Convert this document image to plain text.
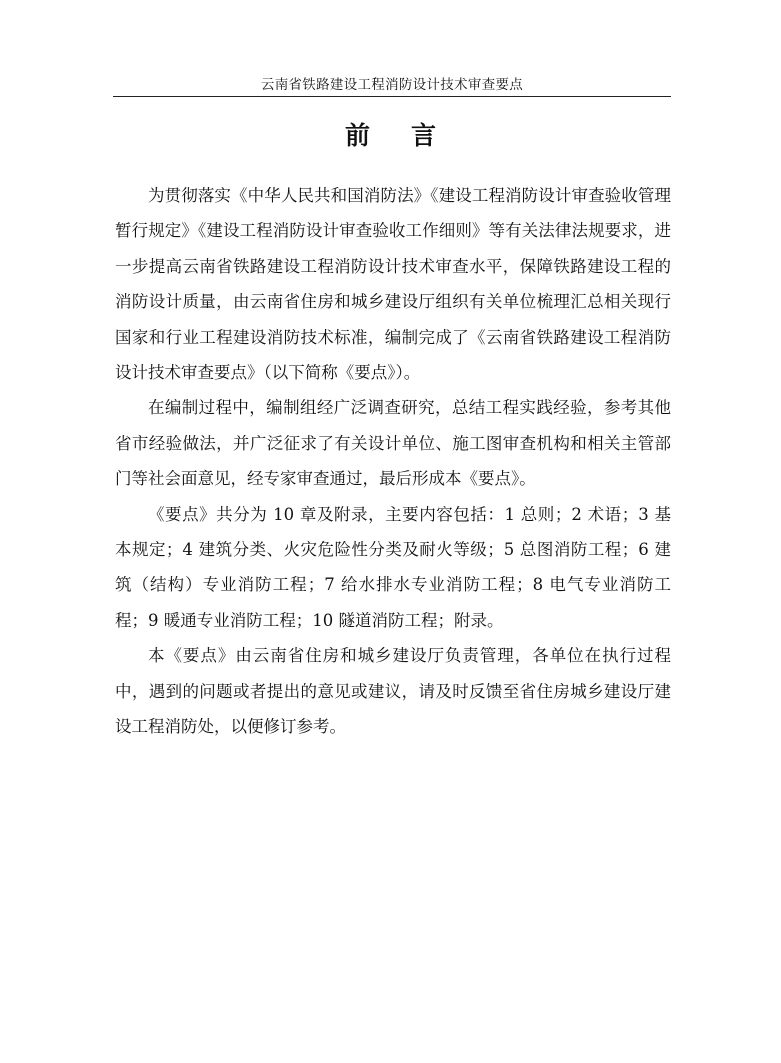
云南省铁路建设工程消防设计技术审查要点
前 言

为贯彻落实《中华人民共和国消防法》《建设工程消防设计审查验收管理暂行规定》《建设工程消防设计审查验收工作细则》等有关法律法规要求，进一步提高云南省铁路建设工程消防设计技术审查水平，保障铁路建设工程的消防设计质量，由云南省住房和城乡建设厅组织有关单位梳理汇总相关现行国家和行业工程建设消防技术标准，编制完成了《云南省铁路建设工程消防设计技术审查要点》（以下简称《要点》）。

在编制过程中，编制组经广泛调查研究，总结工程实践经验，参考其他省市经验做法，并广泛征求了有关设计单位、施工图审查机构和相关主管部门等社会面意见，经专家审查通过，最后形成本《要点》。

《要点》共分为 10 章及附录，主要内容包括：1 总则；2 术语；3 基本规定；4 建筑分类、火灾危险性分类及耐火等级；5 总图消防工程；6 建筑（结构）专业消防工程；7 给水排水专业消防工程；8 电气专业消防工程；9 暖通专业消防工程；10 隧道消防工程；附录。

本《要点》由云南省住房和城乡建设厅负责管理，各单位在执行过程中，遇到的问题或者提出的意见或建议，请及时反馈至省住房城乡建设厅建设工程消防处，以便修订参考。
